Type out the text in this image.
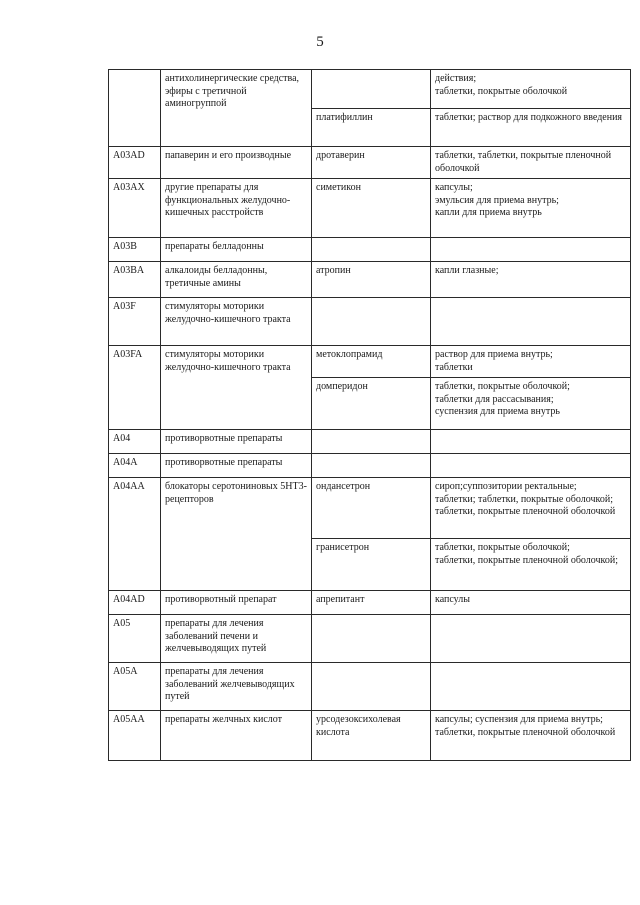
5
	антихолинергические средства, эфиры с третичной аминогруппой		действия;
таблетки, покрытые оболочкой
		платифиллин	таблетки; раствор для подкожного введения
A03AD	папаверин и его производные	дротаверин	таблетки, таблетки, покрытые пленочной оболочкой
A03AX	другие препараты для функциональных желудочно-кишечных расстройств	симетикон	капсулы;
эмульсия для приема внутрь;
капли для приема внутрь
A03B	препараты белладонны		
A03BA	алкалоиды белладонны, третичные амины	атропин	капли глазные;
A03F	стимуляторы моторики желудочно-кишечного тракта		
A03FA	стимуляторы моторики желудочно-кишечного тракта	метоклопрамид	раствор для приема внутрь;
таблетки
		домперидон	таблетки, покрытые оболочкой;
таблетки для рассасывания;
суспензия для приема внутрь
A04	противорвотные препараты		
A04A	противорвотные препараты		
A04AA	блокаторы серотониновых 5HT3-рецепторов	ондансетрон	сироп;суппозитории ректальные;
таблетки; таблетки, покрытые оболочкой; таблетки, покрытые пленочной оболочкой
		гранисетрон	таблетки, покрытые оболочкой;
таблетки, покрытые пленочной оболочкой;
A04AD	противорвотный препарат	апрепитант	капсулы
A05	препараты для лечения заболеваний печени и желчевыводящих путей		
A05A	препараты для лечения заболеваний желчевыводящих путей		
A05AA	препараты желчных кислот	урсодезоксихолевая кислота	капсулы; суспензия для приема внутрь; таблетки, покрытые пленочной оболочкой
